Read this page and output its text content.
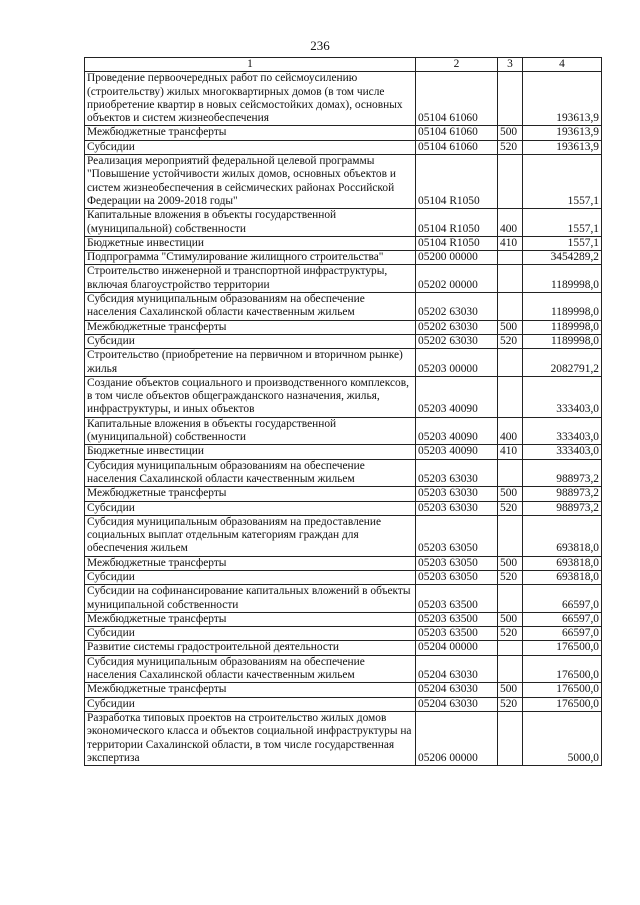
236
1	2	3	4
Проведение первоочередных работ по сейсмоусилению (строительству) жилых многоквартирных домов (в том числе приобретение квартир в новых сейсмостойких домах), основных объектов и систем жизнеобеспечения	05104 61060		193613,9
Межбюджетные трансферты	05104 61060	500	193613,9
Субсидии	05104 61060	520	193613,9
Реализация мероприятий федеральной целевой программы "Повышение устойчивости жилых домов, основных объектов и систем жизнеобеспечения в сейсмических районах Российской Федерации на 2009-2018 годы"	05104 R1050		1557,1
Капитальные вложения в объекты государственной (муниципальной) собственности	05104 R1050	400	1557,1
Бюджетные инвестиции	05104 R1050	410	1557,1
Подпрограмма "Стимулирование жилищного строительства"	05200 00000		3454289,2
Строительство инженерной и транспортной инфраструктуры, включая благоустройство территории	05202 00000		1189998,0
Субсидия муниципальным образованиям на обеспечение населения Сахалинской области качественным жильем	05202 63030		1189998,0
Межбюджетные трансферты	05202 63030	500	1189998,0
Субсидии	05202 63030	520	1189998,0
Строительство (приобретение на первичном и вторичном рынке) жилья	05203 00000		2082791,2
Создание объектов социального и производственного комплексов, в том числе объектов общегражданского назначения, жилья, инфраструктуры, и иных объектов	05203 40090		333403,0
Капитальные вложения в объекты государственной (муниципальной) собственности	05203 40090	400	333403,0
Бюджетные инвестиции	05203 40090	410	333403,0
Субсидия муниципальным образованиям на обеспечение населения Сахалинской области качественным жильем	05203 63030		988973,2
Межбюджетные трансферты	05203 63030	500	988973,2
Субсидии	05203 63030	520	988973,2
Субсидия муниципальным образованиям на предоставление социальных выплат отдельным категориям граждан для обеспечения жильем	05203 63050		693818,0
Межбюджетные трансферты	05203 63050	500	693818,0
Субсидии	05203 63050	520	693818,0
Субсидии на софинансирование капитальных вложений в объекты муниципальной собственности	05203 63500		66597,0
Межбюджетные трансферты	05203 63500	500	66597,0
Субсидии	05203 63500	520	66597,0
Развитие системы градостроительной деятельности	05204 00000		176500,0
Субсидия муниципальным образованиям на обеспечение населения Сахалинской области качественным жильем	05204 63030		176500,0
Межбюджетные трансферты	05204 63030	500	176500,0
Субсидии	05204 63030	520	176500,0
Разработка типовых проектов на строительство жилых домов экономического класса и объектов социальной инфраструктуры на территории Сахалинской области, в том числе государственная экспертиза	05206 00000		5000,0
